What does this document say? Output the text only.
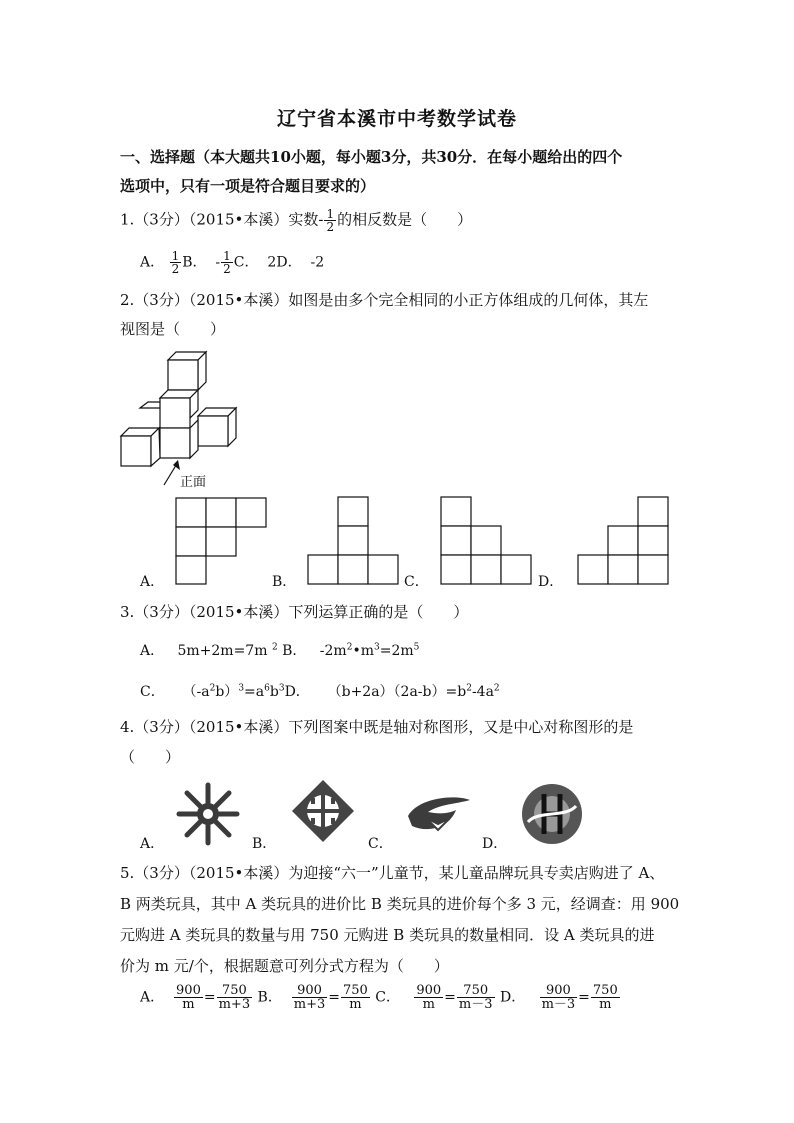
辽宁省本溪市中考数学试卷
一、选择题（本大题共10小题，每小题3分，共30分．在每小题给出的四个
选项中，只有一项是符合题目要求的）
1.（3分）（2015•本溪）实数- $\frac{1}{2}$ 的相反数是（　　）
A． $\frac{1}{2}$ B． - $\frac{1}{2}$ C． 2D． -2
2.（3分）（2015•本溪）如图是由多个完全相同的小正方体组成的几何体，其左
视图是（　　）
正面
A．	B．	C．	D．
3.（3分）（2015•本溪）下列运算正确的是（　　）
A． 5m+2m=7m $^2$ B． $-2m^2•m^3=2m^5$
C． $(-a^2b)^3=a^6b^3D$． $(b+2a)(2a-b)=b^2-4a^2$
4.（3分）（2015•本溪）下列图案中既是轴对称图形，又是中心对称图形的是
（　　）
A．	B．	C．	D．
5.（3分）（2015•本溪）为迎接“六一”儿童节，某儿童品牌玩具专卖店购进了 A、
B 两类玩具，其中 A 类玩具的进价比 B 类玩具的进价每个多 3 元，经调查：用 900
元购进 A 类玩具的数量与用 750 元购进 B 类玩具的数量相同．设 A 类玩具的进
价为 m 元/个，根据题意可列分式方程为（　　）
A． $\frac{900}{m} = \frac{750}{m+3}$ B． $\frac{900}{m+3} = \frac{750}{m}$ C． $\frac{900}{m} = \frac{750}{m-3}$ D． $\frac{900}{m-3} = \frac{750}{m}$
